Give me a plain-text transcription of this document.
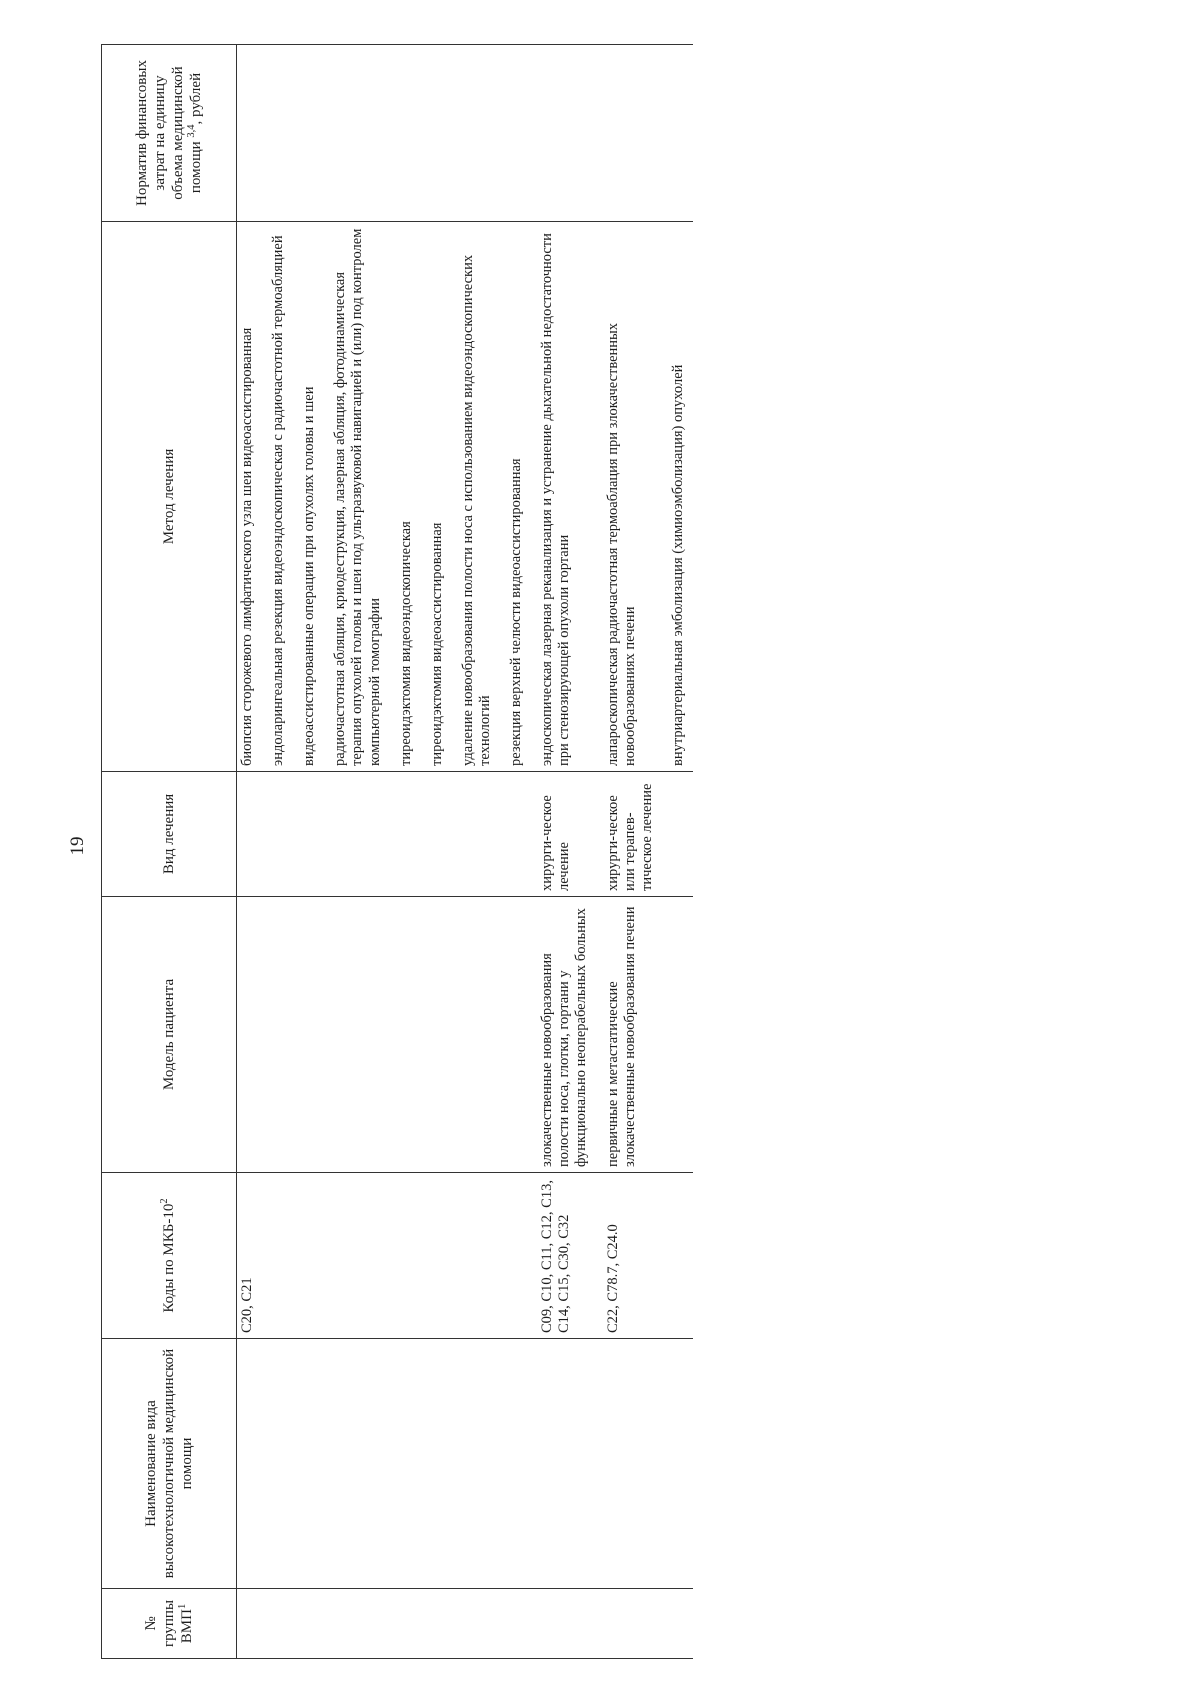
19
№ группы ВМП$^1$	Наименование вида высокотехнологичной медицинской помощи	Коды по МКБ-$10^2$	Модель пациента	Вид лечения	Метод лечения	Норматив финансовых затрат на единицу объема медицинской помощи $^{3,4}$, рублей
		C20, C21			биопсия сторожевого лимфатического узла шеи видеоассистированная	

					эндоларингеальная резекция видеоэндоскопическая с радиочастотной термоабляцией	

					видеоассистированные операции при опухолях головы и шеи	

					радиочастотная абляция, криодеструкция, лазерная абляция, фотодинамическая терапия опухолей головы и шеи под ультразвуковой навигацией и (или) под контролем компьютерной томографии	

					тиреоидэктомия видеоэндоскопическая	

					тиреоидэктомия видеоассистированная	

					удаление новообразования полости носа с использованием видеоэндоскопических технологий	

					резекция верхней челюсти видеоассистированная	

		C09, C10, C11, C12, C13, C14, C15, C30, C32	злокачественные новообразования полости носа, глотки, гортани у функционально неоперабельных больных	хирурги-ческое лечение	эндоскопическая лазерная реканализация и устранение дыхательной недостаточности при стенозирующей опухоли гортани	

		C22, C78.7, C24.0	первичные и метастатические злокачественные новообразования печени	хирурги-ческое или терапев-тическое лечение	лапароскопическая радиочастотная термоаблация при злокачественных новообразованиях печени	

					внутриартериальная эмболизация (химиоэмболизация) опухолей	
